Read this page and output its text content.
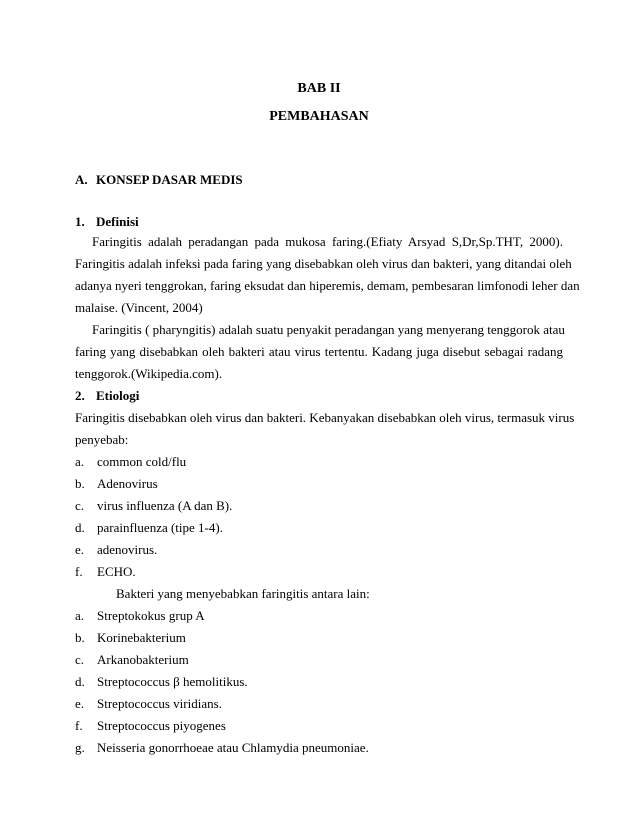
BAB II
PEMBAHASAN
A. KONSEP DASAR MEDIS
1. Definisi
Faringitis adalah peradangan pada mukosa faring.(Efiaty Arsyad S,Dr,Sp.THT, 2000).
Faringitis adalah infeksi pada faring yang disebabkan oleh virus dan bakteri, yang ditandai oleh
adanya nyeri tenggrokan, faring eksudat dan hiperemis, demam, pembesaran limfonodi leher dan
malaise. (Vincent, 2004)
Faringitis ( pharyngitis) adalah suatu penyakit peradangan yang menyerang tenggorok atau
faring yang disebabkan oleh bakteri atau virus tertentu. Kadang juga disebut sebagai radang
tenggorok.(Wikipedia.com).
2. Etiologi
Faringitis disebabkan oleh virus dan bakteri. Kebanyakan disebabkan oleh virus, termasuk virus
penyebab:
a. common cold/flu
b. Adenovirus
c. virus influenza (A dan B).
d. parainfluenza (tipe 1-4).
e. adenovirus.
f. ECHO.
Bakteri yang menyebabkan faringitis antara lain:
a. Streptokokus grup A
b. Korinebakterium
c. Arkanobakterium
d. Streptococcus β hemolitikus.
e. Streptococcus viridians.
f. Streptococcus piyogenes
g. Neisseria gonorrhoeae atau Chlamydia pneumoniae.
